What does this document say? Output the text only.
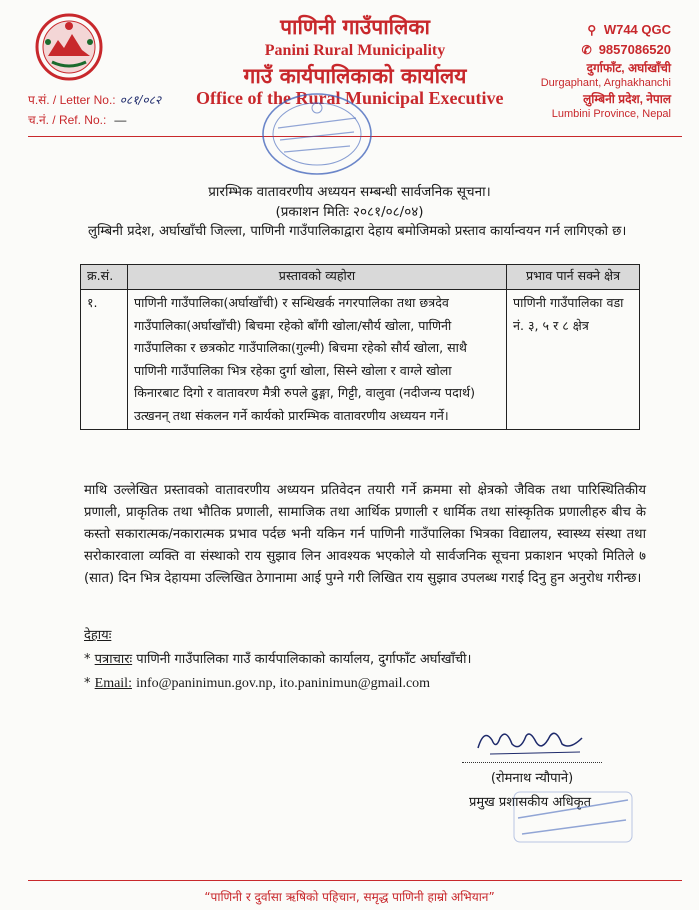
पाणिनी गाउँपालिका
Panini Rural Municipality
गाउँ कार्यपालिकाको कार्यालय
Office of the Rural Municipal Executive
⚲ W744 QGC
✆ 9857086520
दुर्गाफाँट, अर्घाखाँची
Durgaphant, Arghakhanchi
लुम्बिनी प्रदेश, नेपाल
Lumbini Province, Nepal
प.सं. / Letter No.: ०८१/०८२
च.नं. / Ref. No.: —
प्रारम्भिक वातावरणीय अध्ययन सम्बन्धी सार्वजनिक सूचना।
(प्रकाशन मितिः २०८१/०८/०४)
लुम्बिनी प्रदेश, अर्घाखाँची जिल्ला, पाणिनी गाउँपालिकाद्वारा देहाय बमोजिमको प्रस्ताव कार्यान्वयन गर्न लागिएको छ।
क्र.सं.	प्रस्तावको व्यहोरा	प्रभाव पार्न सक्ने क्षेत्र
१.	पाणिनी गाउँपालिका(अर्घाखाँची) र सन्धिखर्क नगरपालिका तथा छत्रदेव गाउँपालिका(अर्घाखाँची) बिचमा रहेको बाँगी खोला/सौर्य खोला, पाणिनी गाउँपालिका र छत्रकोट गाउँपालिका(गुल्मी) बिचमा रहेको सौर्य खोला, साथै पाणिनी गाउँपालिका भित्र रहेका दुर्गा खोला, सिस्ने खोला र वाग्ले खोला किनारबाट दिगो र वातावरण मैत्री रुपले ढुङ्गा, गिट्टी, वालुवा (नदीजन्य पदार्थ) उत्खनन् तथा संकलन गर्ने कार्यको प्रारम्भिक वातावरणीय अध्ययन गर्ने।	पाणिनी गाउँपालिका वडा नं. ३, ५ र ८ क्षेत्र
माथि उल्लेखित प्रस्तावको वातावरणीय अध्ययन प्रतिवेदन तयारी गर्ने क्रममा सो क्षेत्रको जैविक तथा पारिस्थितिकीय प्रणाली, प्राकृतिक तथा भौतिक प्रणाली, सामाजिक तथा आर्थिक प्रणाली र धार्मिक तथा सांस्कृतिक प्रणालीहरु बीच के कस्तो सकारात्मक/नकारात्मक प्रभाव पर्दछ भनी यकिन गर्न पाणिनी गाउँपालिका भित्रका विद्यालय, स्वास्थ्य संस्था तथा सरोकारवाला व्यक्ति वा संस्थाको राय सुझाव लिन आवश्यक भएकोले यो सार्वजनिक सूचना प्रकाशन भएको मितिले ७ (सात) दिन भित्र देहायमा उल्लिखित ठेगानामा आई पुग्ने गरी लिखित राय सुझाव उपलब्ध गराई दिनु हुन अनुरोध गरीन्छ।
देहायः
* पत्राचारः पाणिनी गाउँपालिका गाउँ कार्यपालिकाको कार्यालय, दुर्गाफाँट अर्घाखाँची।
* Email: info@paninimun.gov.np, ito.paninimun@gmail.com
(रोमनाथ न्यौपाने)
प्रमुख प्रशासकीय अधिकृत
“पाणिनी र दुर्वासा ऋषिको पहिचान, समृद्ध पाणिनी हाम्रो अभियान”
